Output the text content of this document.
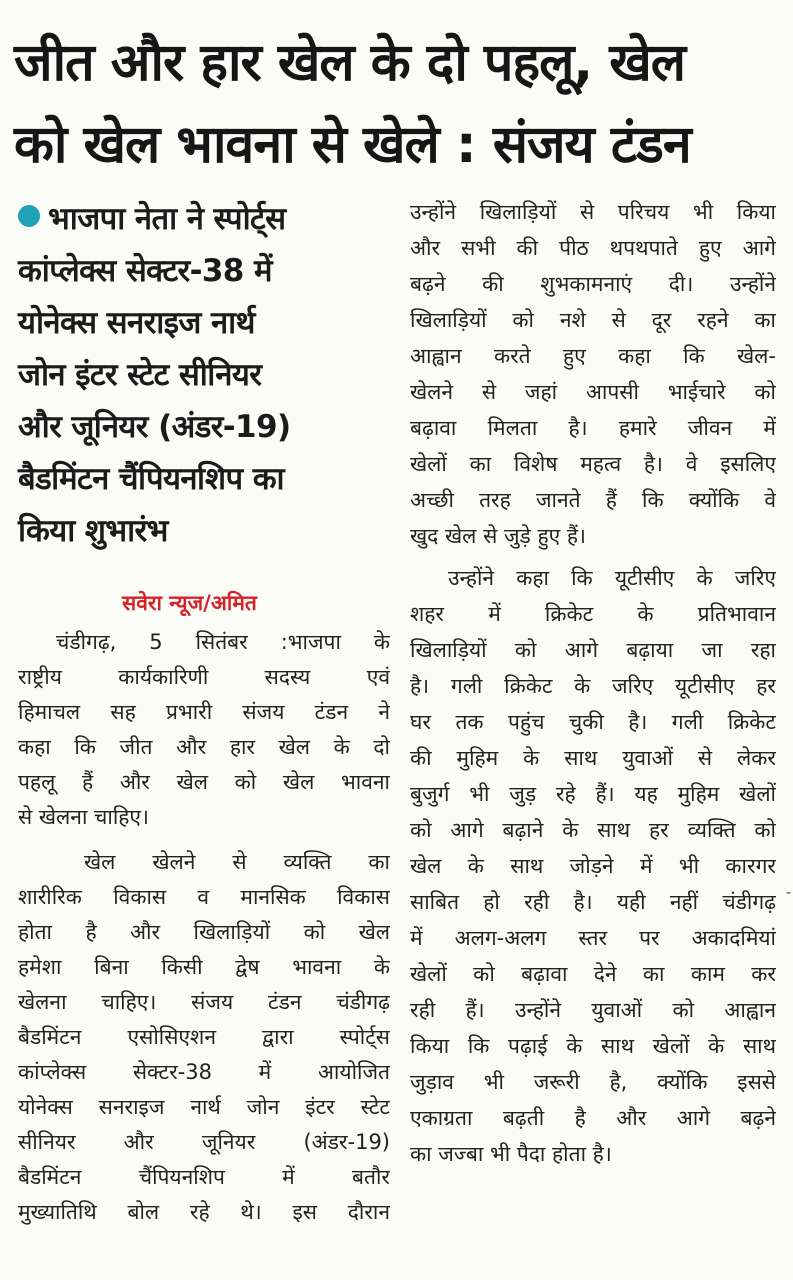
जीत और हार खेल के दो पहलू, खेल
को खेल भावना से खेले : संजय टंडन
भाजपा नेता ने स्पोर्ट्स
कांप्लेक्स सेक्टर-38 में
योनेक्स सनराइज नार्थ
जोन इंटर स्टेट सीनियर
और जूनियर (अंडर-19)
बैडमिंटन चैंपियनशिप का
किया शुभारंभ
सवेरा न्यूज/अमित

चंडीगढ़, 5 सितंबर :भाजपा के
राष्ट्रीय कार्यकारिणी सदस्य एवं
हिमाचल सह प्रभारी संजय टंडन ने
कहा कि जीत और हार खेल के दो
पहलू हैं और खेल को खेल भावना
से खेलना चाहिए।

खेल खेलने से व्यक्ति का
शारीरिक विकास व मानसिक विकास
होता है और खिलाड़ियों को खेल
हमेशा बिना किसी द्वेष भावना के
खेलना चाहिए। संजय टंडन चंडीगढ़
बैडमिंटन एसोसिएशन द्वारा स्पोर्ट्स
कांप्लेक्स सेक्टर-38 में आयोजित
योनेक्स सनराइज नार्थ जोन इंटर स्टेट
सीनियर और जूनियर (अंडर-19)
बैडमिंटन चैंपियनशिप में बतौर
मुख्यातिथि बोल रहे थे। इस दौरान

उन्होंने खिलाड़ियों से परिचय भी किया
और सभी की पीठ थपथपाते हुए आगे
बढ़ने की शुभकामनाएं दी। उन्होंने
खिलाड़ियों को नशे से दूर रहने का
आह्वान करते हुए कहा कि खेल-
खेलने से जहां आपसी भाईचारे को
बढ़ावा मिलता है। हमारे जीवन में
खेलों का विशेष महत्व है। वे इसलिए
अच्छी तरह जानते हैं कि क्योंकि वे
खुद खेल से जुड़े हुए हैं।

उन्होंने कहा कि यूटीसीए के जरिए
शहर में क्रिकेट के प्रतिभावान
खिलाड़ियों को आगे बढ़ाया जा रहा
है। गली क्रिकेट के जरिए यूटीसीए हर
घर तक पहुंच चुकी है। गली क्रिकेट
की मुहिम के साथ युवाओं से लेकर
बुजुर्ग भी जुड़ रहे हैं। यह मुहिम खेलों
को आगे बढ़ाने के साथ हर व्यक्ति को
खेल के साथ जोड़ने में भी कारगर
साबित हो रही है। यही नहीं चंडीगढ़
में अलग-अलग स्तर पर अकादमियां
खेलों को बढ़ावा देने का काम कर
रही हैं। उन्होंने युवाओं को आह्वान
किया कि पढ़ाई के साथ खेलों के साथ
जुड़ाव भी जरूरी है, क्योंकि इससे
एकाग्रता बढ़ती है और आगे बढ़ने
का जज्बा भी पैदा होता है।

-
